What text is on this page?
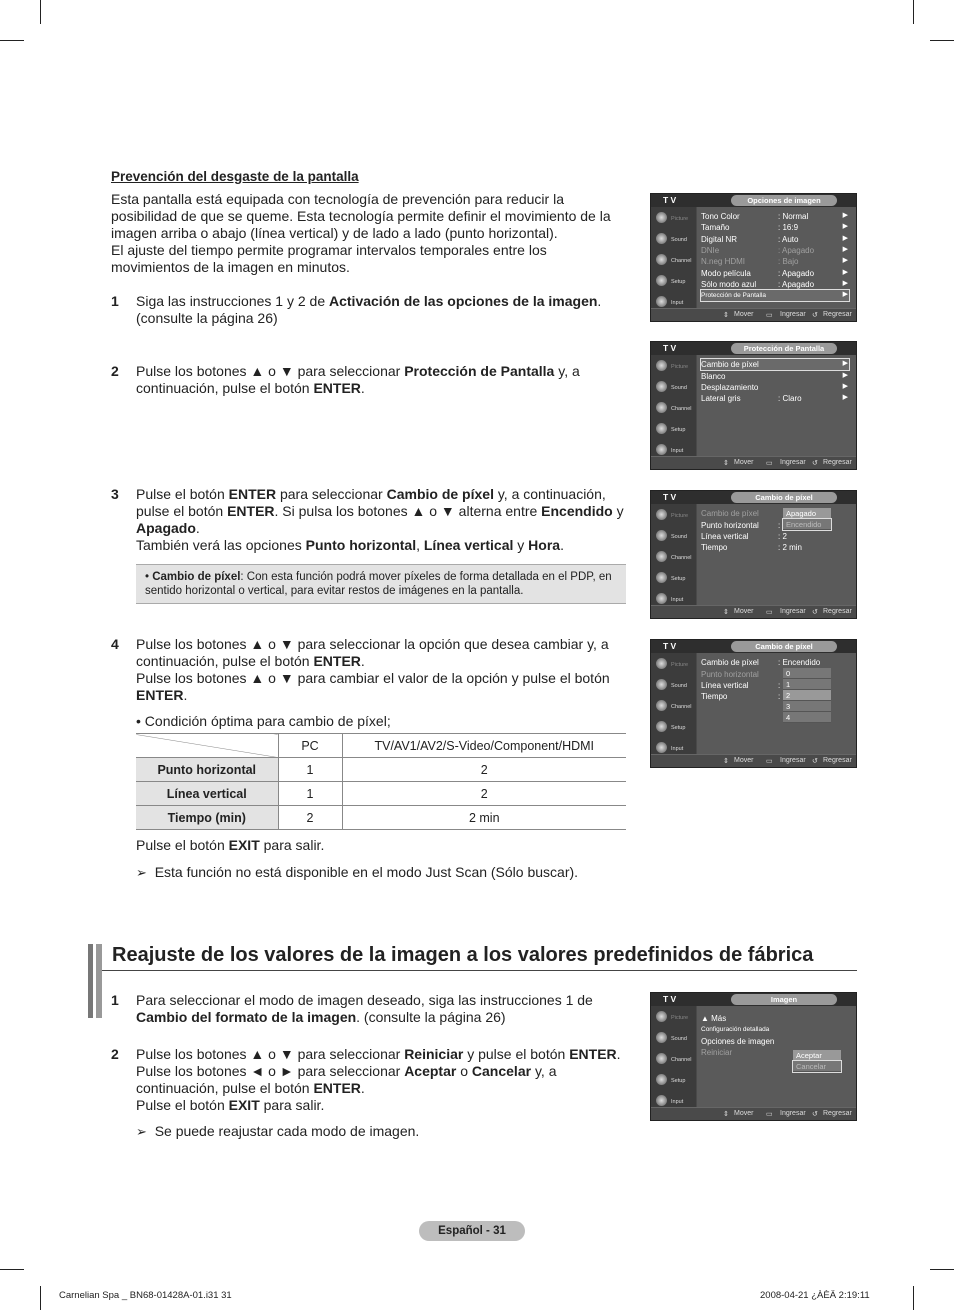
Prevención del desgaste de la pantalla
Esta pantalla está equipada con tecnología de prevención para reducir la posibilidad de que se queme. Esta tecnología permite definir el movimiento de la imagen arriba o abajo (línea vertical) y de lado a lado (punto horizontal).
El ajuste del tiempo permite programar intervalos temporales entre los movimientos de la imagen en minutos.
1	Siga las instrucciones 1 y 2 de Activación de las opciones de la imagen. (consulte la página 26)
2	Pulse los botones ▲ o ▼ para seleccionar Protección de Pantalla y, a continuación, pulse el botón ENTER.
3	Pulse el botón ENTER para seleccionar Cambio de píxel y, a continuación, pulse el botón ENTER. Si pulsa los botones ▲ o ▼ alterna entre Encendido y Apagado.
También verá las opciones Punto horizontal, Línea vertical y Hora.
• Cambio de píxel: Con esta función podrá mover píxeles de forma detallada en el PDP, en sentido horizontal o vertical, para evitar restos de imágenes en la pantalla.
4	Pulse los botones ▲ o ▼ para seleccionar la opción que desea cambiar y, a continuación, pulse el botón ENTER.
Pulse los botones ▲ o ▼ para cambiar el valor de la opción y pulse el botón ENTER.
• Condición óptima para cambio de píxel;
	PC	TV/AV1/AV2/S-Video/Component/HDMI
Punto horizontal	1	2
Línea vertical	1	2
Tiempo (min)	2	2 min
Pulse el botón EXIT para salir.
➢ Esta función no está disponible en el modo Just Scan (Sólo buscar).
Reajuste de los valores de la imagen a los valores predefinidos de fábrica
1	Para seleccionar el modo de imagen deseado, siga las instrucciones 1 de Cambio del formato de la imagen. (consulte la página 26)
2	Pulse los botones ▲ o ▼ para seleccionar Reiniciar y pulse el botón ENTER. Pulse los botones ◄ o ► para seleccionar Aceptar o Cancelar y, a continuación, pulse el botón ENTER.
Pulse el botón EXIT para salir.
➢ Se puede reajustar cada modo de imagen.
T V	Opciones de imagen
Picture
Sound
Channel
Setup
Input
Tono Color	: Normal	▶
Tamaño	: 16:9	▶
Digital NR	: Auto	▶
DNIe	: Apagado	▶
N.neg HDMI	: Bajo	▶
Modo película	: Apagado	▶
Sólo modo azul	: Apagado	▶
Protección de Pantalla	▶
⇕ Mover ▭ Ingresar ↺ Regresar
T V	Protección de Pantalla
Picture
Sound
Channel
Setup
Input
Cambio de píxel	▶
Blanco	▶
Desplazamiento	▶
Lateral gris	: Claro	▶
⇕ Mover ▭ Ingresar ↺ Regresar
T V	Cambio de píxel
Picture
Sound
Channel
Setup
Input
Cambio de píxel
Punto horizontal :
Línea vertical	: 2
Tiempo	: 2 min
Apagado
Encendido
⇕ Mover ▭ Ingresar ↺ Regresar
T V	Cambio de píxel
Picture
Sound
Channel
Setup
Input
Cambio de píxel : Encendido
Punto horizontal
Línea vertical	:
Tiempo	:
0
1
2
3
4
⇕ Mover ▭ Ingresar ↺ Regresar
T V	Imagen
Picture
Sound
Channel
Setup
Input
▲ Más
Configuración detallada
Opciones de imagen
Reiniciar	Aceptar
Cancelar
⇕ Mover ▭ Ingresar ↺ Regresar
Español - 31
Carnelian Spa _ BN68-01428A-01.i31 31	2008-04-21 ¿ÀÈÄ 2:19:11
